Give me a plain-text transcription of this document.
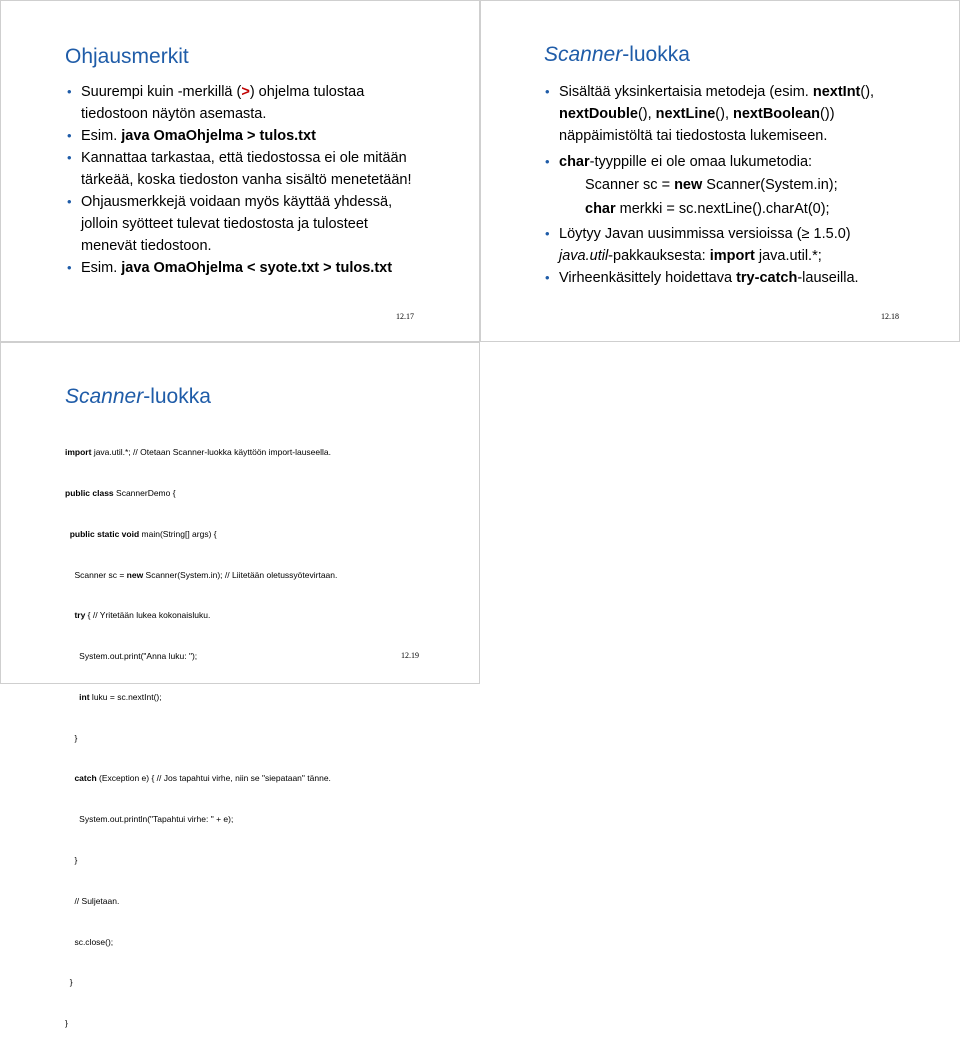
Ohjausmerkit
• Suurempi kuin -merkillä (>) ohjelma tulostaa
tiedostoon näytön asemasta.
• Esim. java OmaOhjelma > tulos.txt
• Kannattaa tarkastaa, että tiedostossa ei ole mitään
tärkeää, koska tiedoston vanha sisältö menetetään!
• Ohjausmerkkejä voidaan myös käyttää yhdessä,
jolloin syötteet tulevat tiedostosta ja tulosteet
menevät tiedostoon.
• Esim. java OmaOhjelma < syote.txt > tulos.txt
12.17
Scanner-luokka
• Sisältää yksinkertaisia metodeja (esim. nextInt(),
nextDouble(), nextLine(), nextBoolean())
näppäimistöltä tai tiedostosta lukemiseen.
• char-tyyppille ei ole omaa lukumetodia:
Scanner sc = new Scanner(System.in);
char merkki = sc.nextLine().charAt(0);
• Löytyy Javan uusimmissa versioissa (≥ 1.5.0)
java.util-pakkauksesta: import java.util.*;
• Virheenkäsittely hoidettava try-catch-lauseilla.
12.18
Scanner-luokka

import java.util.*; // Otetaan Scanner-luokka käyttöön import-lauseella.

public class ScannerDemo {

public static void main(String[] args) {

Scanner sc = new Scanner(System.in); // Liitetään oletussyötevirtaan.

try { // Yritetään lukea kokonaisluku.

System.out.print("Anna luku: ");

int luku = sc.nextInt();

}

catch (Exception e) { // Jos tapahtui virhe, niin se "siepataan" tänne.

System.out.println("Tapahtui virhe: " + e);

}

// Suljetaan.

sc.close();

}

}

12.19
